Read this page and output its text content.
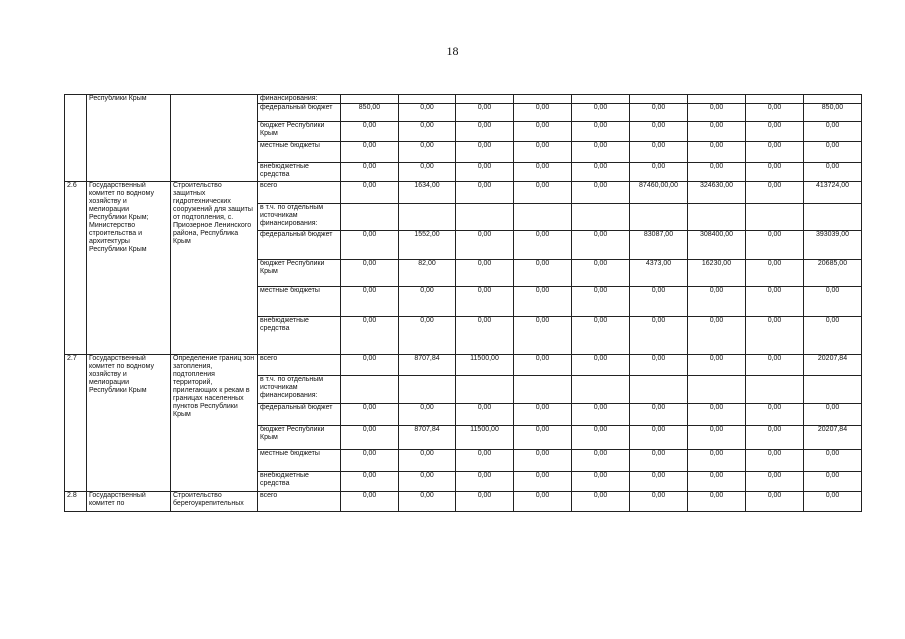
18
	Республики Крым		финансирования:									
			федеральный бюджет	850,00	0,00	0,00	0,00	0,00	0,00	0,00	0,00	850,00
			бюджет Республики Крым	0,00	0,00	0,00	0,00	0,00	0,00	0,00	0,00	0,00
			местные бюджеты	0,00	0,00	0,00	0,00	0,00	0,00	0,00	0,00	0,00
			внебюджетные средства	0,00	0,00	0,00	0,00	0,00	0,00	0,00	0,00	0,00
2.6	Государственный комитет по водному хозяйству и мелиорации Республики Крым; Министерство строительства и архитектуры Республики Крым	Строительство защитных гидротехнических сооружений для защиты от подтопления, с. Приозерное Ленинского района, Республика Крым	всего	0,00	1634,00	0,00	0,00	0,00	87460,00,00	324630,00	0,00	413724,00
			в т.ч. по отдельным источникам финансирования:									
			федеральный бюджет	0,00	1552,00	0,00	0,00	0,00	83087,00	308400,00	0,00	393039,00
			бюджет Республики Крым	0,00	82,00	0,00	0,00	0,00	4373,00	16230,00	0,00	20685,00
			местные бюджеты	0,00	0,00	0,00	0,00	0,00	0,00	0,00	0,00	0,00
			внебюджетные средства	0,00	0,00	0,00	0,00	0,00	0,00	0,00	0,00	0,00
2.7	Государственный комитет по водному хозяйству и мелиорации Республики Крым	Определение границ зон затопления, подтопления территорий, прилегающих к рекам в границах населенных пунктов Республики Крым	всего	0,00	8707,84	11500,00	0,00	0,00	0,00	0,00	0,00	20207,84
			в т.ч. по отдельным источникам финансирования:									
			федеральный бюджет	0,00	0,00	0,00	0,00	0,00	0,00	0,00	0,00	0,00
			бюджет Республики Крым	0,00	8707,84	11500,00	0,00	0,00	0,00	0,00	0,00	20207,84
			местные бюджеты	0,00	0,00	0,00	0,00	0,00	0,00	0,00	0,00	0,00
			внебюджетные средства	0,00	0,00	0,00	0,00	0,00	0,00	0,00	0,00	0,00
2.8	Государственный комитет по	Строительство берегоукрепительных	всего	0,00	0,00	0,00	0,00	0,00	0,00	0,00	0,00	0,00
